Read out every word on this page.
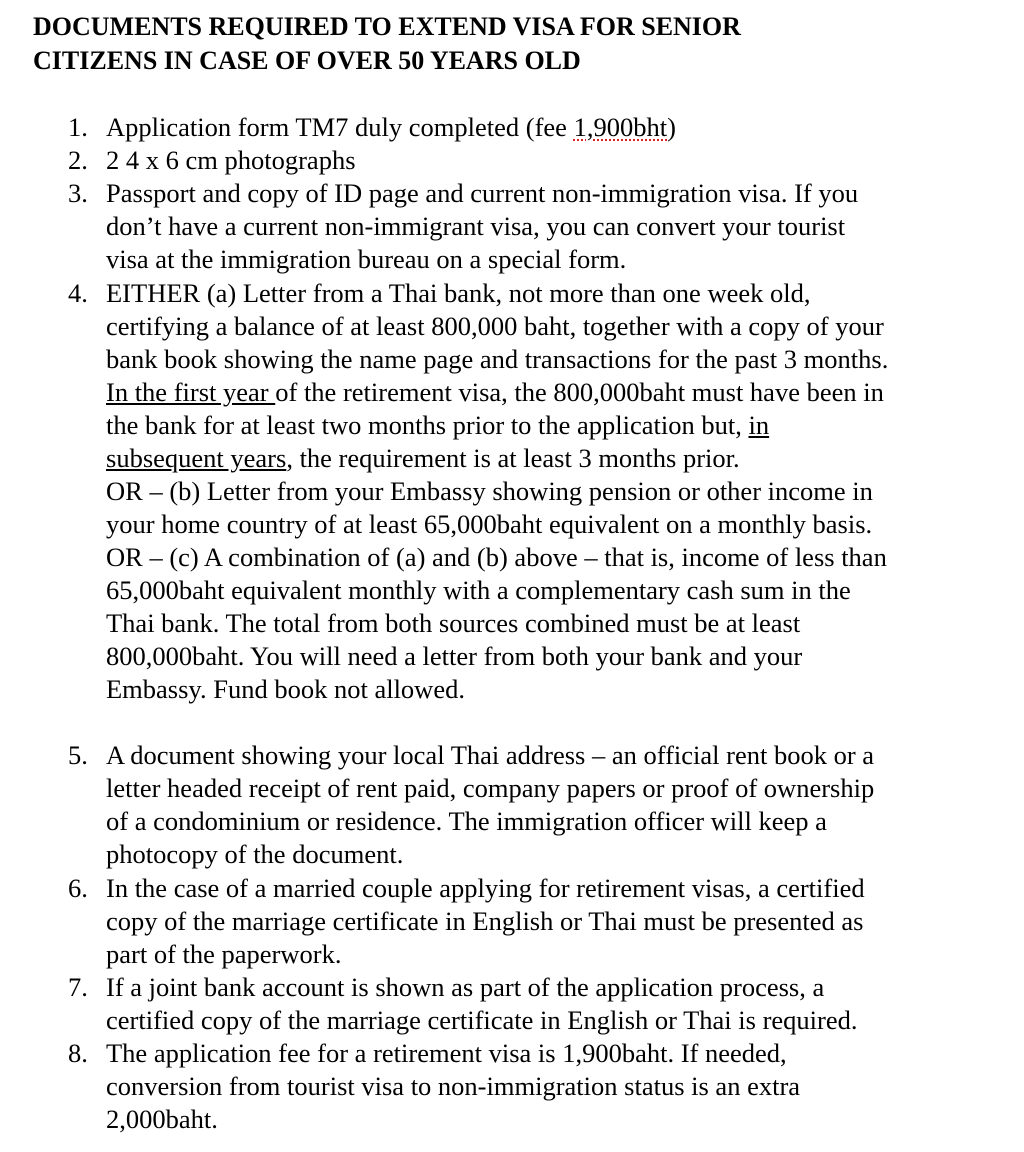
DOCUMENTS REQUIRED TO EXTEND VISA FOR SENIOR
CITIZENS IN CASE OF OVER 50 YEARS OLD
1. Application form TM7 duly completed (fee 1,900bht)
2. 2 4 x 6 cm photographs
3. Passport and copy of ID page and current non-immigration visa. If you
don’t have a current non-immigrant visa, you can convert your tourist
visa at the immigration bureau on a special form.
4. EITHER (a) Letter from a Thai bank, not more than one week old,
certifying a balance of at least 800,000 baht, together with a copy of your
bank book showing the name page and transactions for the past 3 months.
In the first year of the retirement visa, the 800,000baht must have been in
the bank for at least two months prior to the application but, in
subsequent years, the requirement is at least 3 months prior.
OR – (b) Letter from your Embassy showing pension or other income in
your home country of at least 65,000baht equivalent on a monthly basis.
OR – (c) A combination of (a) and (b) above – that is, income of less than
65,000baht equivalent monthly with a complementary cash sum in the
Thai bank. The total from both sources combined must be at least
800,000baht. You will need a letter from both your bank and your
Embassy. Fund book not allowed.
5. A document showing your local Thai address – an official rent book or a
letter headed receipt of rent paid, company papers or proof of ownership
of a condominium or residence. The immigration officer will keep a
photocopy of the document.
6. In the case of a married couple applying for retirement visas, a certified
copy of the marriage certificate in English or Thai must be presented as
part of the paperwork.
7. If a joint bank account is shown as part of the application process, a
certified copy of the marriage certificate in English or Thai is required.
8. The application fee for a retirement visa is 1,900baht. If needed,
conversion from tourist visa to non-immigration status is an extra
2,000baht.
